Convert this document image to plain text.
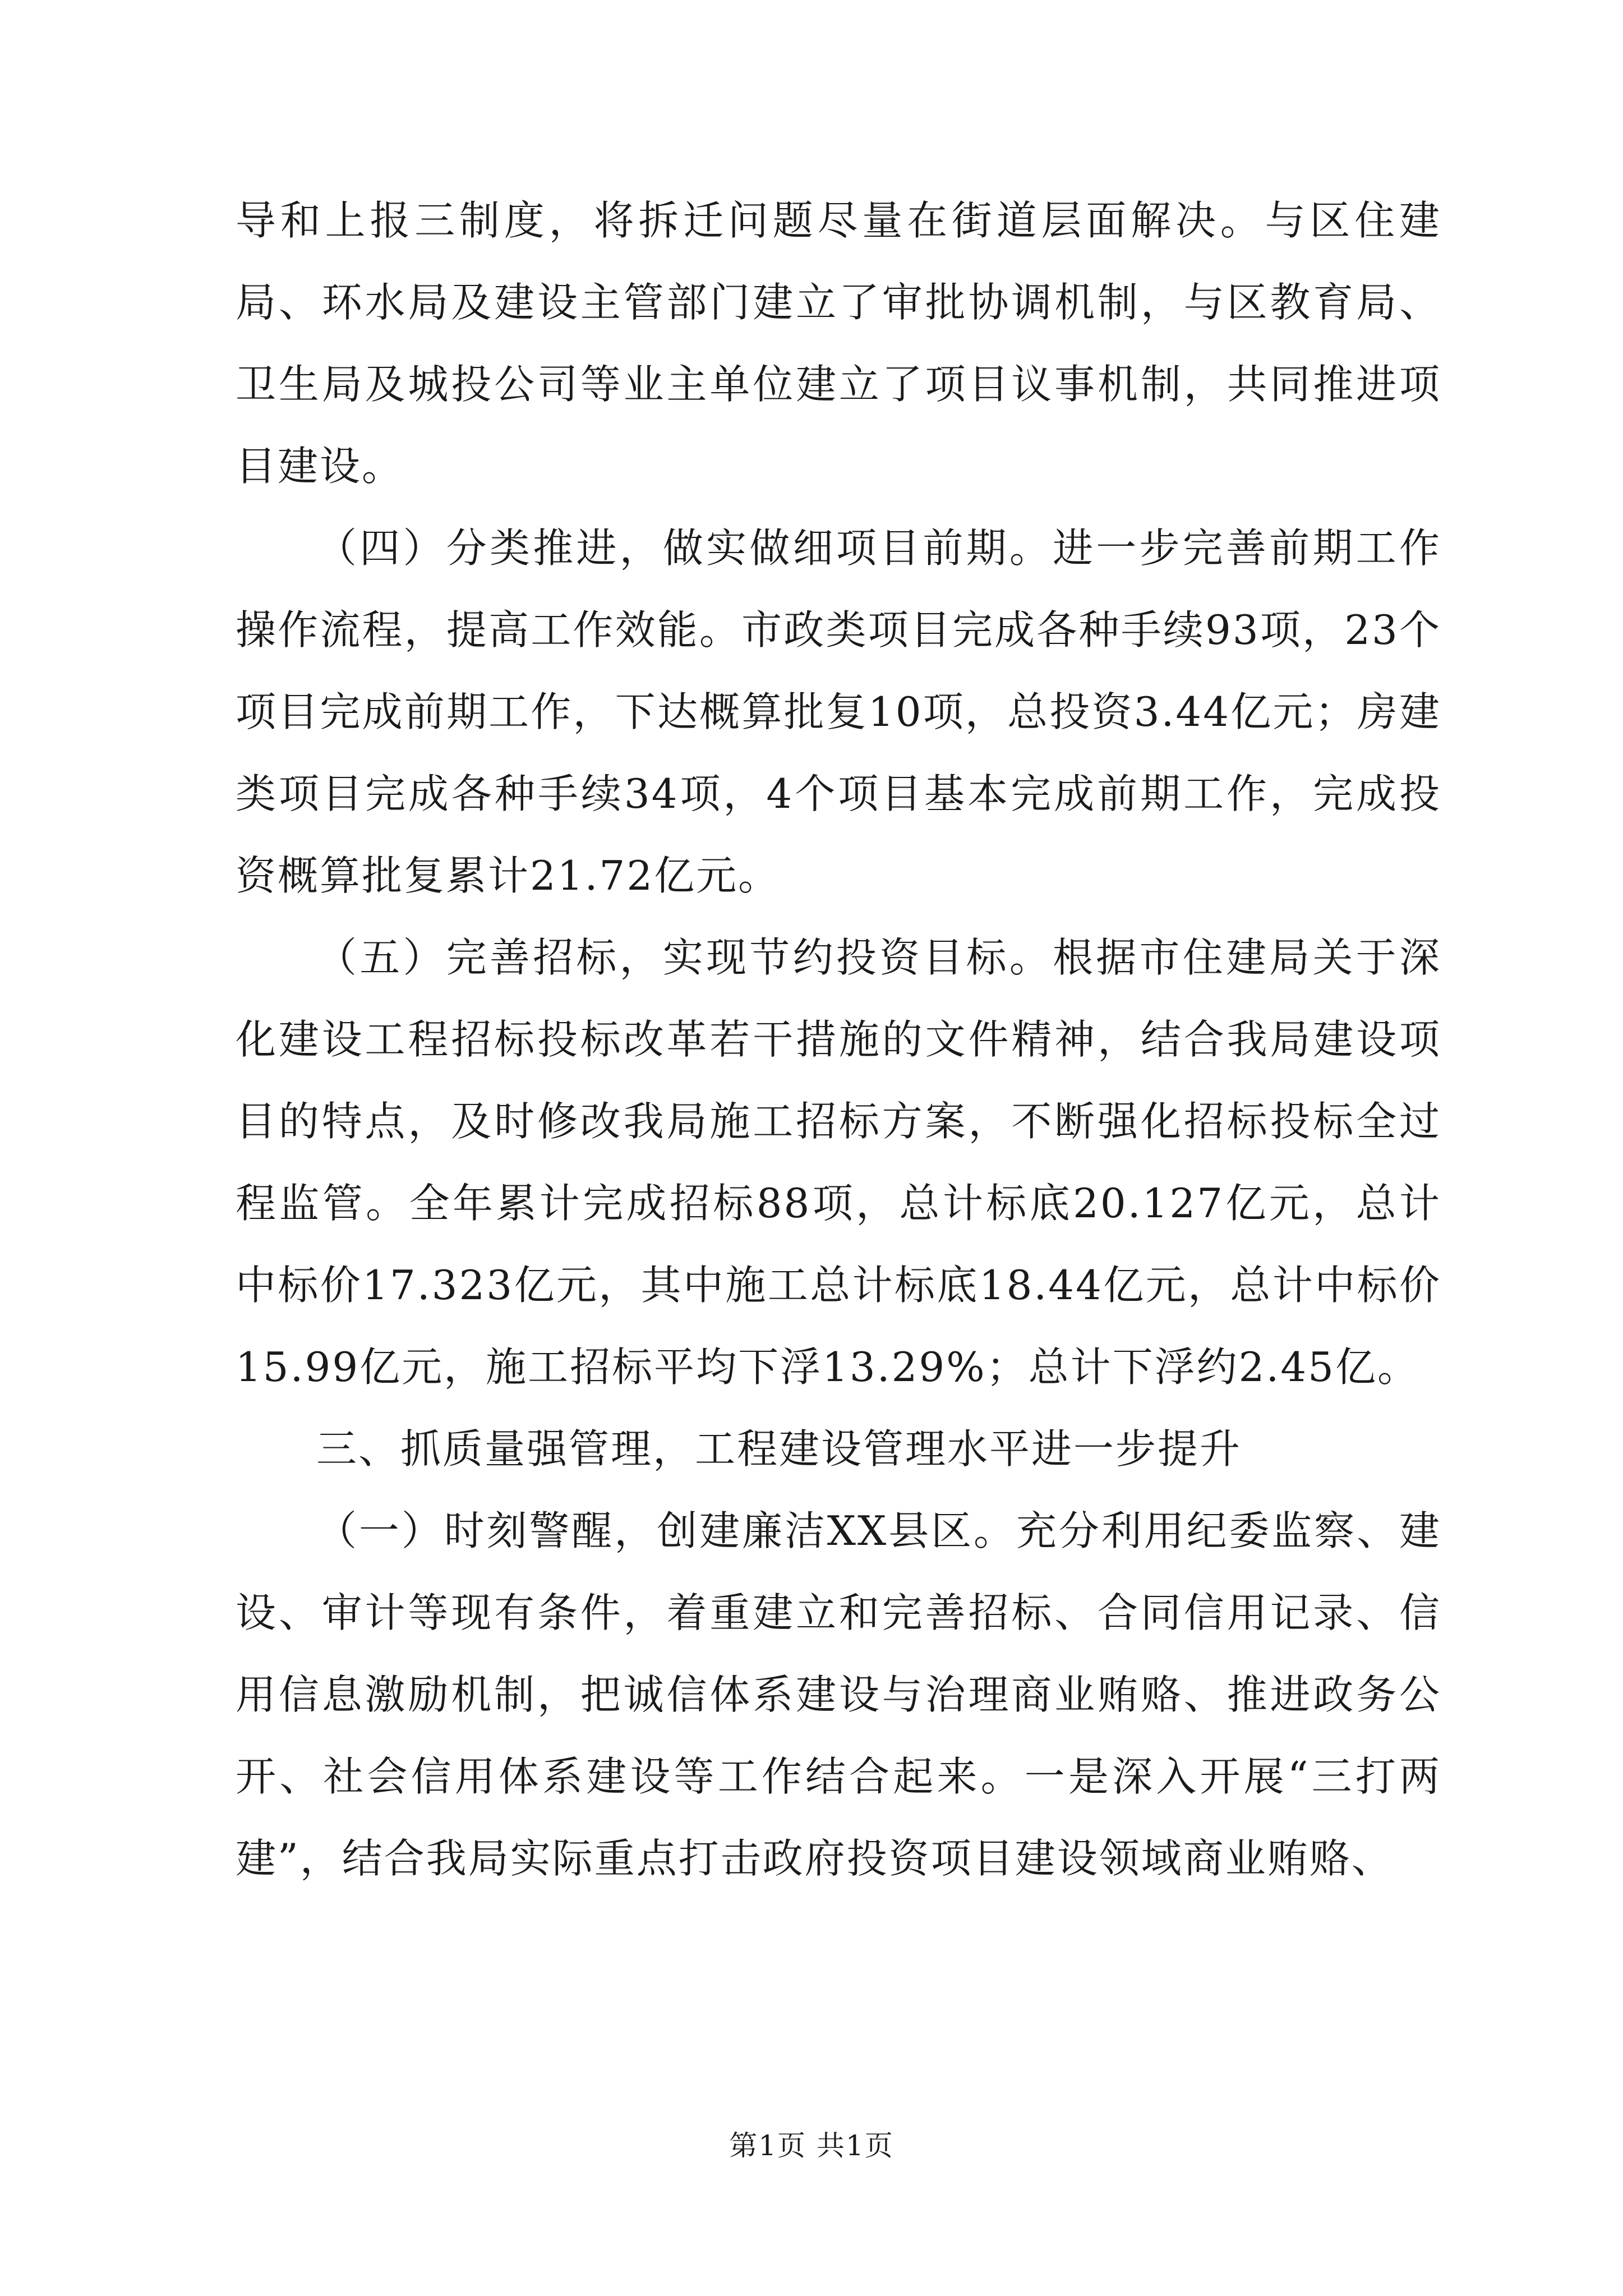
导和上报三制度，将拆迁问题尽量在街道层面解决。与区住建局、环水局及建设主管部门建立了审批协调机制，与区教育局、卫生局及城投公司等业主单位建立了项目议事机制，共同推进项目建设。

（四）分类推进，做实做细项目前期。进一步完善前期工作操作流程，提高工作效能。市政类项目完成各种手续93项，23个项目完成前期工作，下达概算批复10项，总投资3.44亿元；房建类项目完成各种手续34项，4个项目基本完成前期工作，完成投资概算批复累计21.72亿元。

（五）完善招标，实现节约投资目标。根据市住建局关于深化建设工程招标投标改革若干措施的文件精神，结合我局建设项目的特点，及时修改我局施工招标方案，不断强化招标投标全过程监管。全年累计完成招标88项，总计标底20.127亿元，总计中标价17.323亿元，其中施工总计标底18.44亿元，总计中标价15.99亿元，施工招标平均下浮13.29%；总计下浮约2.45亿。

三、抓质量强管理，工程建设管理水平进一步提升

（一）时刻警醒，创建廉洁XX县区。充分利用纪委监察、建设、审计等现有条件，着重建立和完善招标、合同信用记录、信用信息激励机制，把诚信体系建设与治理商业贿赂、推进政务公开、社会信用体系建设等工作结合起来。一是深入开展“三打两建”，结合我局实际重点打击政府投资项目建设领域商业贿赂、

第1页 共1页
